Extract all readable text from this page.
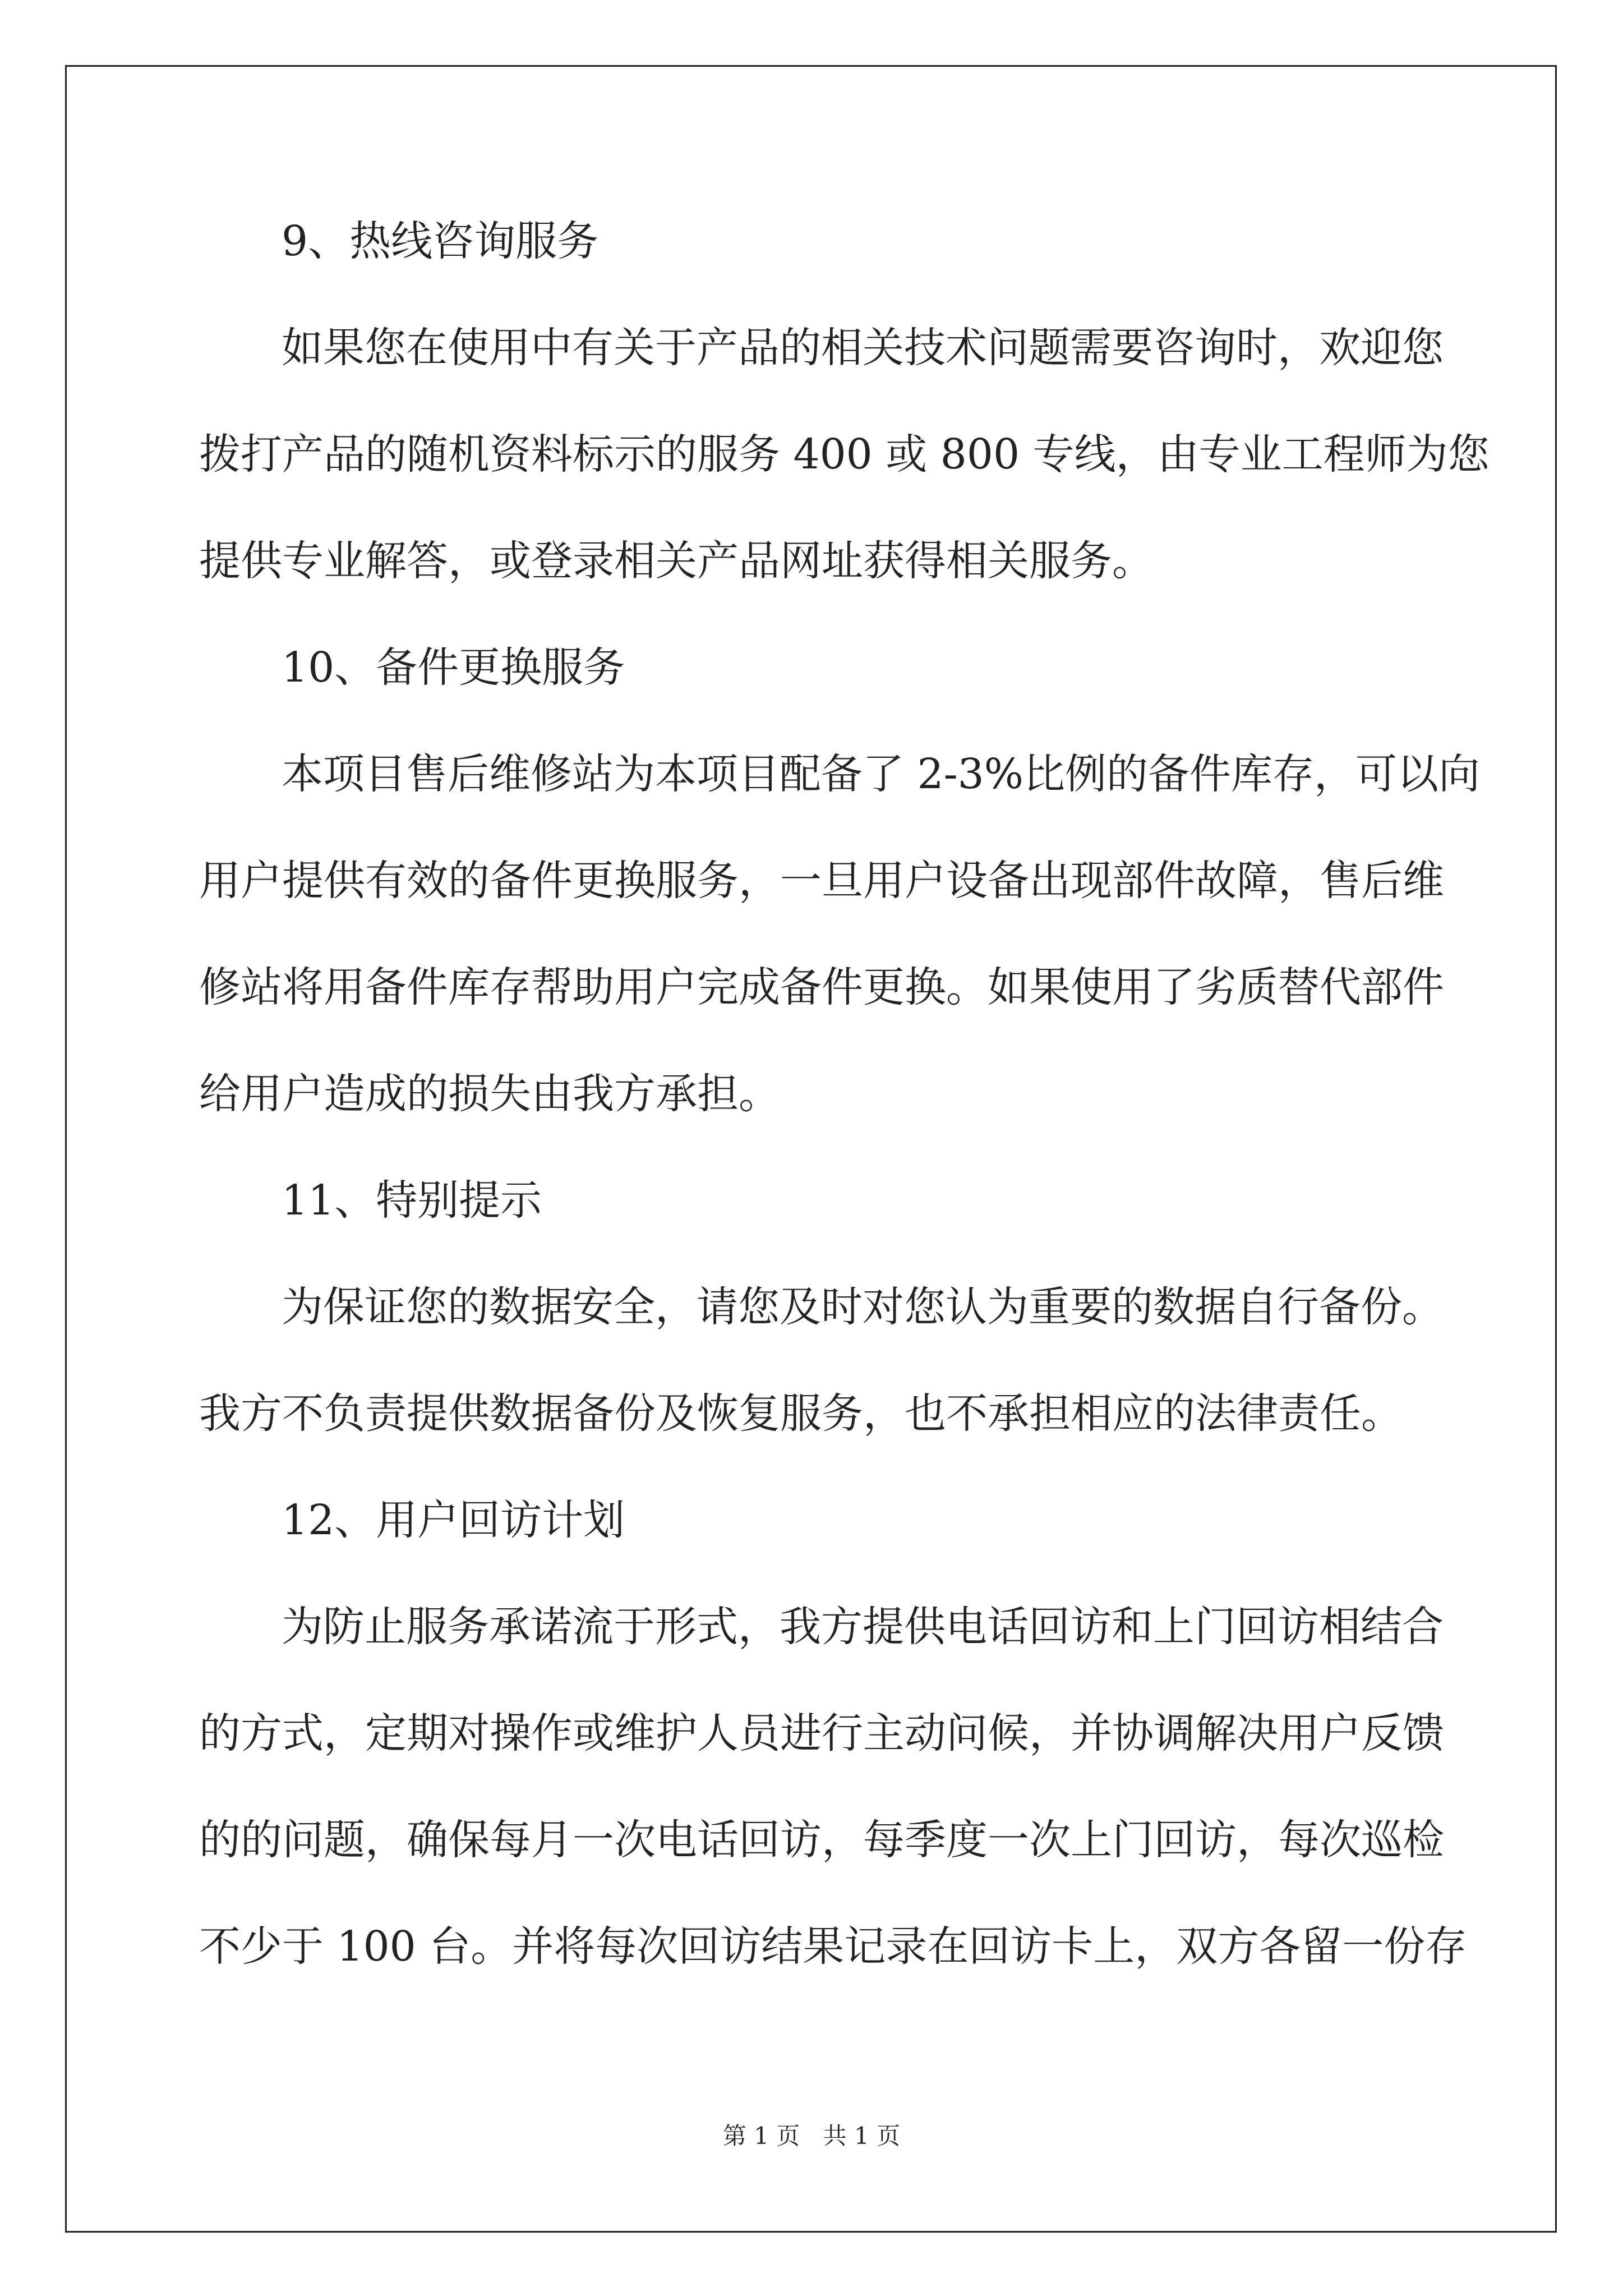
9、热线咨询服务
如果您在使用中有关于产品的相关技术问题需要咨询时，欢迎您
拨打产品的随机资料标示的服务 400 或 800 专线，由专业工程师为您
提供专业解答，或登录相关产品网址获得相关服务。
10、备件更换服务
本项目售后维修站为本项目配备了 2-3%比例的备件库存，可以向
用户提供有效的备件更换服务，一旦用户设备出现部件故障，售后维
修站将用备件库存帮助用户完成备件更换。如果使用了劣质替代部件
给用户造成的损失由我方承担。
11、特别提示
为保证您的数据安全，请您及时对您认为重要的数据自行备份。
我方不负责提供数据备份及恢复服务，也不承担相应的法律责任。
12、用户回访计划
为防止服务承诺流于形式，我方提供电话回访和上门回访相结合
的方式，定期对操作或维护人员进行主动问候，并协调解决用户反馈
的的问题，确保每月一次电话回访，每季度一次上门回访，每次巡检
不少于 100 台。并将每次回访结果记录在回访卡上，双方各留一份存
第 1 页 共 1 页
